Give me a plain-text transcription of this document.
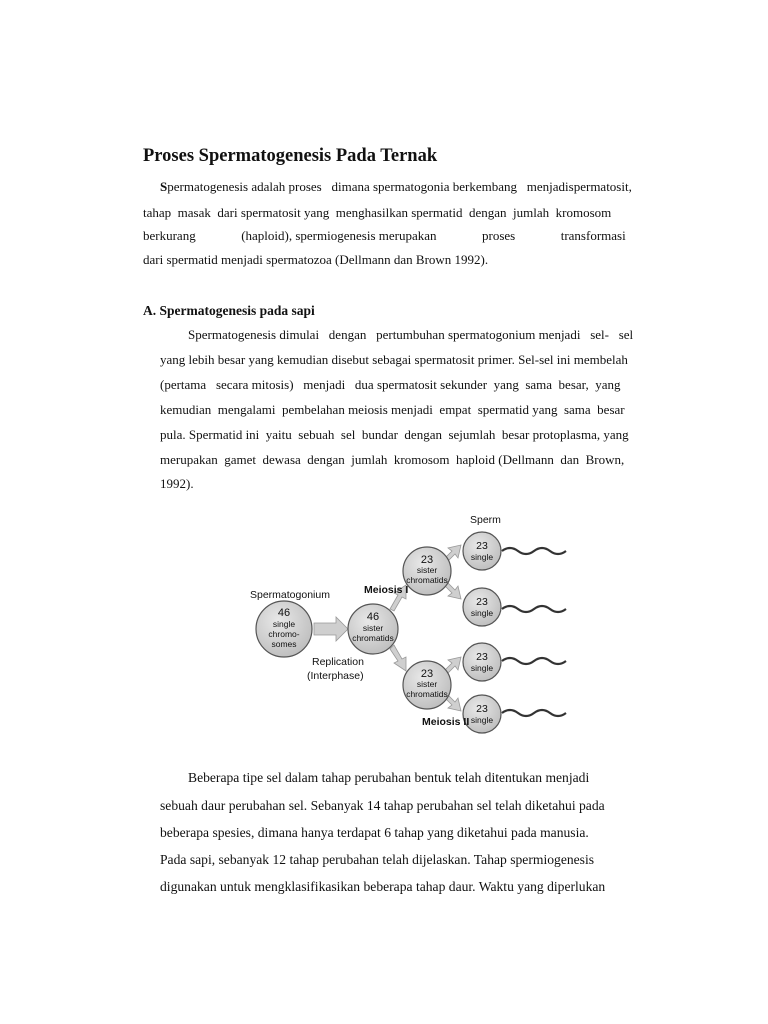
Proses Spermatogenesis Pada Ternak
Spermatogenesis adalah proses   dimana spermatogonia berkembang   menjadispermatosit,
tahap  masak  dari spermatosit yang  menghasilkan spermatid  dengan  jumlah  kromosom
berkurang              (haploid), spermiogenesis merupakan              proses              transformasi
dari spermatid menjadi spermatozoa (Dellmann dan Brown 1992).
A. Spermatogenesis pada sapi
Spermatogenesis dimulai   dengan   pertumbuhan spermatogonium menjadi   sel-   sel
yang lebih besar yang kemudian disebut sebagai spermatosit primer. Sel-sel ini membelah
(pertama   secara mitosis)   menjadi   dua spermatosit sekunder  yang  sama  besar,  yang
kemudian  mengalami  pembelahan meiosis menjadi  empat  spermatid yang  sama  besar
pula. Spermatid ini  yaitu  sebuah  sel  bundar  dengan  sejumlah  besar protoplasma, yang
merupakan  gamet  dewasa  dengan  jumlah  kromosom  haploid (Dellmann  dan  Brown,
1992).
Sperm
Spermatogonium	Meiosis I
Meiosis II
Replication
(Interphase)
46
single
chromo-
somes
46
sister
chromatids
23
sister
chromatids
23
sister
chromatids
23
single
23
single
23
single
23
single
Beberapa tipe sel dalam tahap perubahan bentuk telah ditentukan menjadi
sebuah daur perubahan sel. Sebanyak 14 tahap perubahan sel telah diketahui pada
beberapa spesies, dimana hanya terdapat 6 tahap yang diketahui pada manusia.
Pada sapi, sebanyak 12 tahap perubahan telah dijelaskan. Tahap spermiogenesis
digunakan untuk mengklasifikasikan beberapa tahap daur. Waktu yang diperlukan
